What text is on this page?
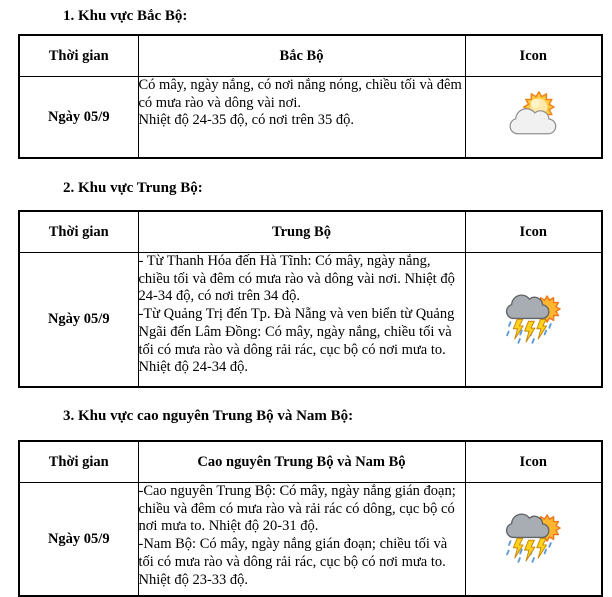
1. Khu vực Bắc Bộ:
Thời gian	Bắc Bộ	Icon
Ngày 05/9	Có mây, ngày nắng, có nơi nắng nóng, chiều tối và đêm có mưa rào và dông vài nơi.

Nhiệt độ 24-35 độ, có nơi trên 35 độ.

2. Khu vực Trung Bộ:
Thời gian	Trung Bộ	Icon
Ngày 05/9	- Từ Thanh Hóa đến Hà Tĩnh: Có mây, ngày nắng, chiều tối và đêm có mưa rào và dông vài nơi. Nhiệt độ 24-34 độ, có nơi trên 34 độ.

-Từ Quảng Trị đến Tp. Đà Nẵng và ven biển từ Quảng Ngãi đến Lâm Đồng: Có mây, ngày nắng, chiều tối và tối có mưa rào và dông rải rác, cục bộ có nơi mưa to. Nhiệt độ 24-34 độ.

3. Khu vực cao nguyên Trung Bộ và Nam Bộ:
Thời gian	Cao nguyên Trung Bộ và Nam Bộ	Icon
Ngày 05/9	-Cao nguyên Trung Bộ: Có mây, ngày nắng gián đoạn; chiều và đêm có mưa rào và rải rác có dông, cục bộ có nơi mưa to. Nhiệt độ 20-31 độ.

-Nam Bộ: Có mây, ngày nắng gián đoạn; chiều tối và tối có mưa rào và dông rải rác, cục bộ có nơi mưa to. Nhiệt độ 23-33 độ.
